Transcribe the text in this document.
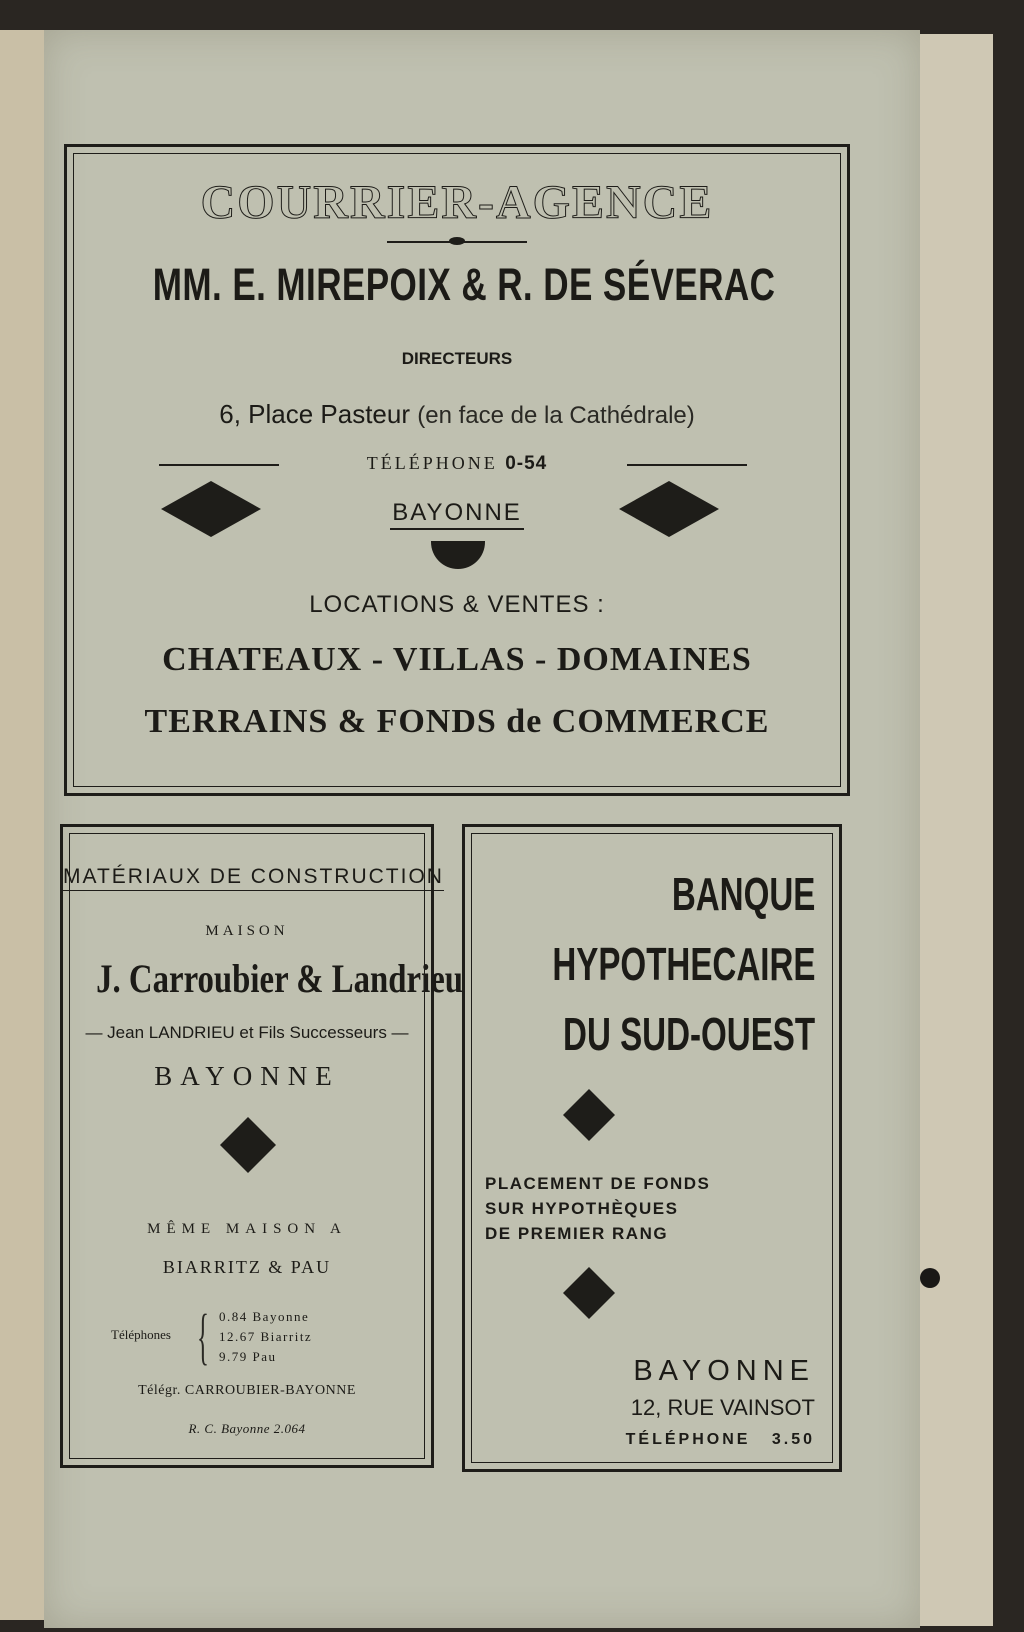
COURRIER-AGENCE
MM. E. MIREPOIX & R. DE SÉVERAC
DIRECTEURS
6, Place Pasteur (en face de la Cathédrale)
TÉLÉPHONE 0-54
BAYONNE
LOCATIONS & VENTES :
CHATEAUX - VILLAS - DOMAINES
TERRAINS & FONDS de COMMERCE
MATÉRIAUX DE CONSTRUCTION
MAISON
J. Carroubier & Landrieu
— Jean LANDRIEU et Fils Successeurs —
BAYONNE
MÊME MAISON A
BIARRITZ & PAU
Téléphones { 0.84 Bayonne
12.67 Biarritz
9.79 Pau
Télégr. CARROUBIER-BAYONNE
R. C. Bayonne 2.064
BANQUE
HYPOTHECAIRE
DU SUD-OUEST
PLACEMENT DE FONDS
SUR HYPOTHÈQUES
DE PREMIER RANG
BAYONNE
12, RUE VAINSOT
TÉLÉPHONE 3.50
